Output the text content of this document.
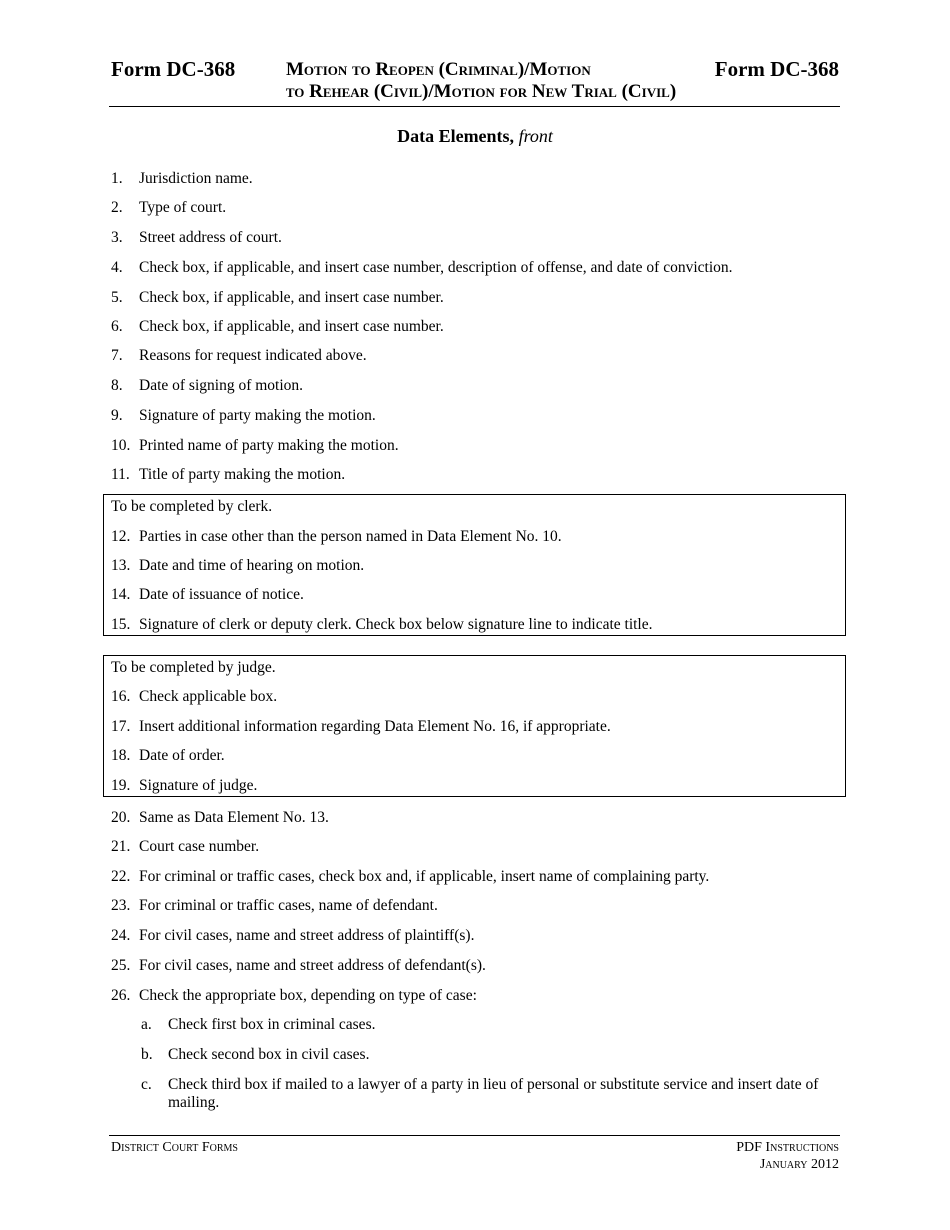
Form DC-368	Motion to Reopen (Criminal)/Motion	Form DC-368
to Rehear (Civil)/Motion for New Trial (Civil)
Data Elements, front
1.	Jurisdiction name.
2.	Type of court.
3.	Street address of court.
4.	Check box, if applicable, and insert case number, description of offense, and date of conviction.
5.	Check box, if applicable, and insert case number.
6.	Check box, if applicable, and insert case number.
7.	Reasons for request indicated above.
8.	Date of signing of motion.
9.	Signature of party making the motion.
10. Printed name of party making the motion.
11. Title of party making the motion.
To be completed by clerk.
12. Parties in case other than the person named in Data Element No. 10.
13. Date and time of hearing on motion.
14. Date of issuance of notice.
15. Signature of clerk or deputy clerk. Check box below signature line to indicate title.
To be completed by judge.
16. Check applicable box.
17. Insert additional information regarding Data Element No. 16, if appropriate.
18. Date of order.
19. Signature of judge.
20. Same as Data Element No. 13.
21. Court case number.
22. For criminal or traffic cases, check box and, if applicable, insert name of complaining party.
23. For criminal or traffic cases, name of defendant.
24. For civil cases, name and street address of plaintiff(s).
25. For civil cases, name and street address of defendant(s).
26. Check the appropriate box, depending on type of case:
a.	Check first box in criminal cases.
b. Check second box in civil cases.
c.	Check third box if mailed to a lawyer of a party in lieu of personal or substitute service and insert date of mailing.
District Court Forms	PDF Instructions
January 2012
